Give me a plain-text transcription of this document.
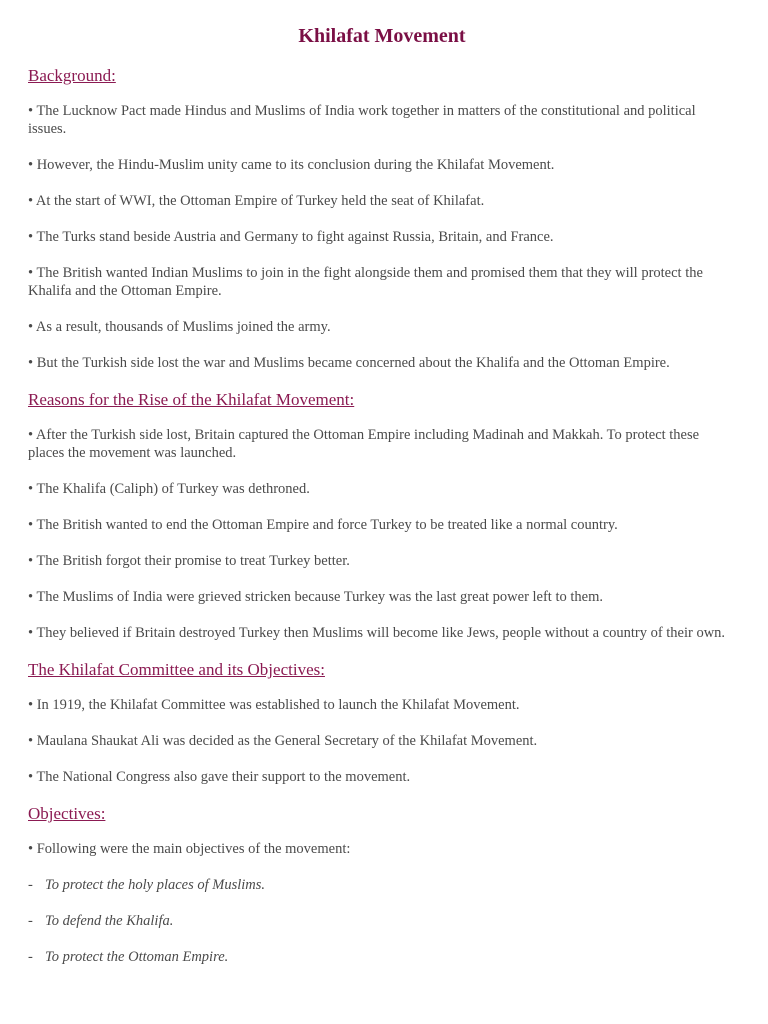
Khilafat Movement
Background:
• The Lucknow Pact made Hindus and Muslims of India work together in matters of the constitutional and political issues.
• However, the Hindu-Muslim unity came to its conclusion during the Khilafat Movement.
• At the start of WWI, the Ottoman Empire of Turkey held the seat of Khilafat.
• The Turks stand beside Austria and Germany to fight against Russia, Britain, and France.
• The British wanted Indian Muslims to join in the fight alongside them and promised them that they will protect the Khalifa and the Ottoman Empire.
• As a result, thousands of Muslims joined the army.
• But the Turkish side lost the war and Muslims became concerned about the Khalifa and the Ottoman Empire.
Reasons for the Rise of the Khilafat Movement:
• After the Turkish side lost, Britain captured the Ottoman Empire including Madinah and Makkah. To protect these places the movement was launched.
• The Khalifa (Caliph) of Turkey was dethroned.
• The British wanted to end the Ottoman Empire and force Turkey to be treated like a normal country.
• The British forgot their promise to treat Turkey better.
• The Muslims of India were grieved stricken because Turkey was the last great power left to them.
• They believed if Britain destroyed Turkey then Muslims will become like Jews, people without a country of their own.
The Khilafat Committee and its Objectives:
• In 1919, the Khilafat Committee was established to launch the Khilafat Movement.
• Maulana Shaukat Ali was decided as the General Secretary of the Khilafat Movement.
• The National Congress also gave their support to the movement.
Objectives:
• Following were the main objectives of the movement:
- To protect the holy places of Muslims.
- To defend the Khalifa.
- To protect the Ottoman Empire.
